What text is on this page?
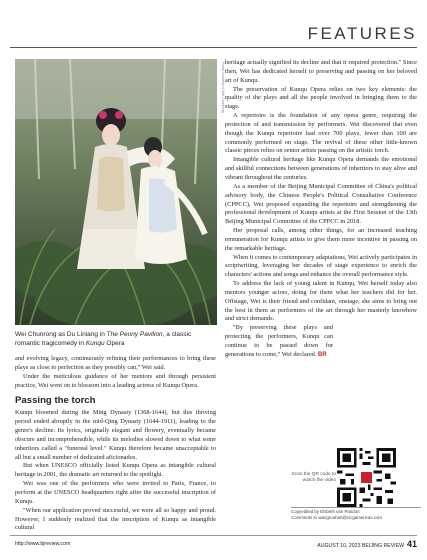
FEATURES
Photo courtesy of Wei Chunrong
Wei Chunrong as Du Liniang in The Peony Pavilion, a classic romantic tragicomedy in Kunqu Opera

and evolving legacy, continuously refining their performances to bring these plays as close to perfection as they possibly can," Wei said.

Under the meticulous guidance of her mentors and through persistent practice, Wei went on to blossom into a leading actress of Kunqu Opera.

Passing the torch

Kunqu bloomed during the Ming Dynasty (1368-1644), but this thriving period ended abruptly in the mid-Qing Dynasty (1644-1911), leading to the genre's decline. Its lyrics, originally elegant and flowery, eventually became obscure and incomprehensible, while its melodies slowed down to what some inheritors called a "funereal level." Kunqu therefore became unacceptable to all but a small number of dedicated aficionados.

But when UNESCO officially listed Kunqu Opera as intangible cultural heritage in 2001, the dramatic art returned to the spotlight.

Wei was one of the performers who were invited to Paris, France, to perform at the UNESCO headquarters right after the successful inscription of Kunqu.

"When our application proved successful, we were all so happy and proud. However, I suddenly realized that the inscription of Kunqu as intangible cultural

heritage actually signified its decline and that it required protection." Since then, Wei has dedicated herself to preserving and passing on her beloved art of Kunqu.

The preservation of Kunqu Opera relies on two key elements: the quality of the plays and all the people involved in bringing them to the stage.

A repertoire is the foundation of any opera genre, requiring the protection of and transmission by performers. Wei discovered that even though the Kunqu repertoire had over 700 plays, fewer than 100 are commonly performed on stage. The revival of these other little-known classic pieces relies on senior artists passing on the artistic torch.

Intangible cultural heritage like Kunqu Opera demands the emotional and skillful connections between generations of inheritors to stay alive and vibrant throughout the centuries.

As a member of the Beijing Municipal Committee of China's political advisory body, the Chinese People's Political Consultative Conference (CPPCC), Wei proposed expanding the repertoire and strengthening the professional development of Kunqu artists at the First Session of the 13th Beijing Municipal Committee of the CPPCC in 2018.

Her proposal calls, among other things, for an increased teaching remuneration for Kunqu artists to give them more incentive in passing on the remarkable heritage.

When it comes to contemporary adaptations, Wei actively participates in scriptwriting, leveraging her decades of stage experience to enrich the characters' actions and songs and enhance the overall performance style.

To address the lack of young talent in Kunqu, Wei herself today also mentors younger actors, doing for them what her teachers did for her. Offstage, Wei is their friend and confidant, onstage, she aims to bring out the best in them as performers of the art through her masterly knowhow and strict demands.

"By preserving these plays and protecting the performers, Kunqu can continue to be passed down for generations to come," Wei declared. BR

Scan the QR code to watch the video
Copyedited by Elsbeth van Paridon
Comments to wangruohan@cicgamericas.com
http://www.bjreview.com	AUGUST 10, 2023 BEIJING REVIEW 41
